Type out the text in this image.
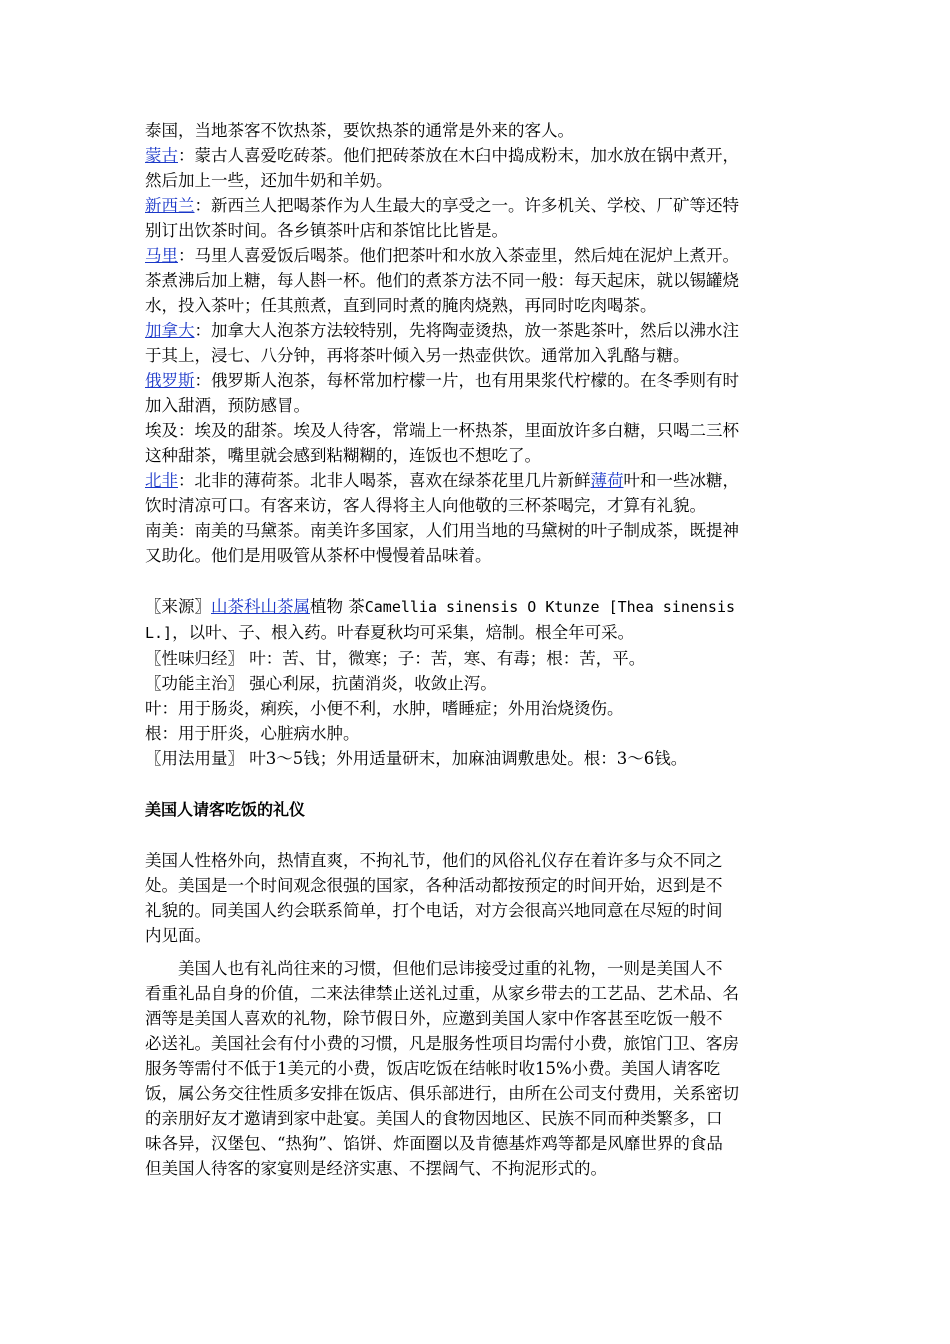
泰国，当地茶客不饮热茶，要饮热茶的通常是外来的客人。
蒙古：蒙古人喜爱吃砖茶。他们把砖茶放在木臼中捣成粉末，加水放在锅中煮开，
然后加上一些，还加牛奶和羊奶。
新西兰：新西兰人把喝茶作为人生最大的享受之一。许多机关、学校、厂矿等还特
别订出饮茶时间。各乡镇茶叶店和茶馆比比皆是。
马里：马里人喜爱饭后喝茶。他们把茶叶和水放入茶壶里，然后炖在泥炉上煮开。
茶煮沸后加上糖，每人斟一杯。他们的煮茶方法不同一般：每天起床，就以锡罐烧
水，投入茶叶；任其煎煮，直到同时煮的腌肉烧熟，再同时吃肉喝茶。
加拿大：加拿大人泡茶方法较特别，先将陶壶烫热，放一茶匙茶叶，然后以沸水注
于其上，浸七、八分钟，再将茶叶倾入另一热壶供饮。通常加入乳酪与糖。
俄罗斯：俄罗斯人泡茶，每杯常加柠檬一片，也有用果浆代柠檬的。在冬季则有时
加入甜酒，预防感冒。
埃及：埃及的甜茶。埃及人待客，常端上一杯热茶，里面放许多白糖，只喝二三杯
这种甜茶，嘴里就会感到粘糊糊的，连饭也不想吃了。
北非：北非的薄荷茶。北非人喝茶，喜欢在绿茶花里几片新鲜薄荷叶和一些冰糖，
饮时清凉可口。有客来访，客人得将主人向他敬的三杯茶喝完，才算有礼貌。
南美：南美的马黛茶。南美许多国家，人们用当地的马黛树的叶子制成茶，既提神
又助化。他们是用吸管从茶杯中慢慢着品味着。
〖来源〗山茶科山茶属植物 茶Camellia sinensis O Ktunze [Thea sinensis
L.]，以叶、子、根入药。叶春夏秋均可采集，焙制。根全年可采。
〖性味归经〗 叶：苦、甘，微寒；子：苦，寒、有毒；根：苦，平。
〖功能主治〗 强心利尿，抗菌消炎，收敛止泻。
叶：用于肠炎，痢疾，小便不利，水肿，嗜睡症；外用治烧烫伤。
根：用于肝炎，心脏病水肿。
〖用法用量〗 叶3～5钱；外用适量研末，加麻油调敷患处。根：3～6钱。
美国人请客吃饭的礼仪
美国人性格外向，热情直爽，不拘礼节，他们的风俗礼仪存在着许多与众不同之
处。美国是一个时间观念很强的国家，各种活动都按预定的时间开始，迟到是不
礼貌的。同美国人约会联系简单，打个电话，对方会很高兴地同意在尽短的时间
内见面。
美国人也有礼尚往来的习惯，但他们忌讳接受过重的礼物，一则是美国人不
看重礼品自身的价值，二来法律禁止送礼过重，从家乡带去的工艺品、艺术品、名
酒等是美国人喜欢的礼物，除节假日外，应邀到美国人家中作客甚至吃饭一般不
必送礼。美国社会有付小费的习惯，凡是服务性项目均需付小费，旅馆门卫、客房
服务等需付不低于1美元的小费，饭店吃饭在结帐时收15%小费。美国人请客吃
饭，属公务交往性质多安排在饭店、俱乐部进行，由所在公司支付费用，关系密切
的亲朋好友才邀请到家中赴宴。美国人的食物因地区、民族不同而种类繁多，口
味各异，汉堡包、“热狗”、馅饼、炸面圈以及肯德基炸鸡等都是风靡世界的食品
但美国人待客的家宴则是经济实惠、不摆阔气、不拘泥形式的。
